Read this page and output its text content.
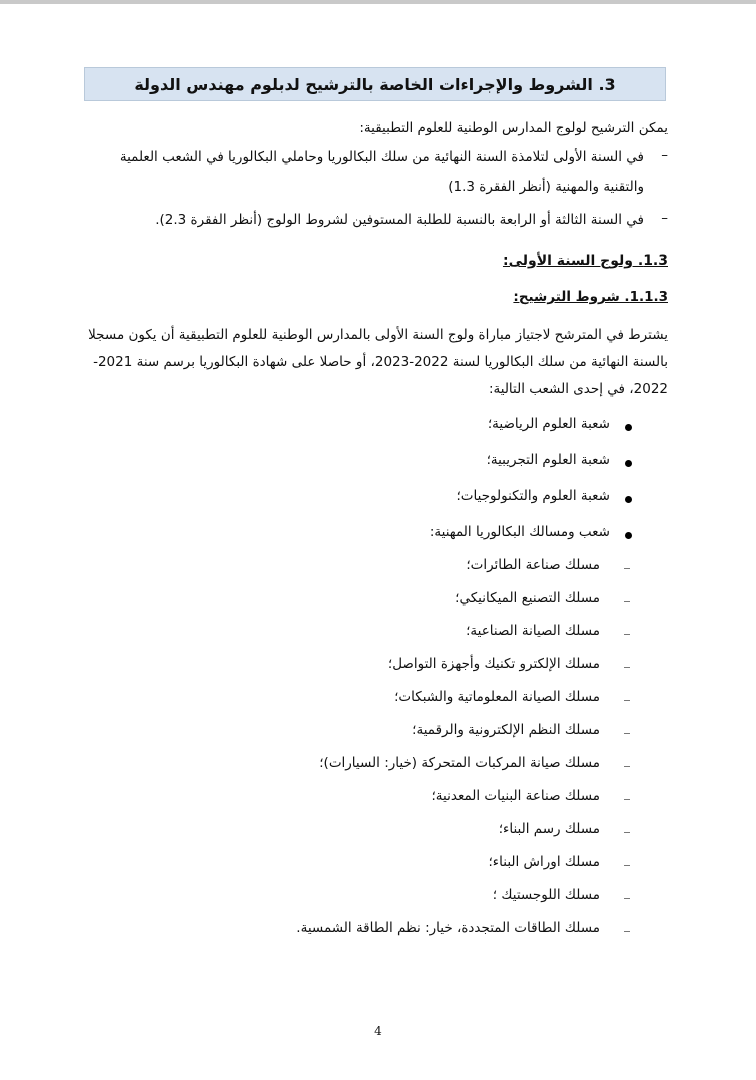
3. الشروط والإجراءات الخاصة بالترشيح لدبلوم مهندس الدولة
يمكن الترشيح لولوج المدارس الوطنية للعلوم التطبيقية:
–
في السنة الأولى لتلامذة السنة النهائية من سلك البكالوريا وحاملي البكالوريا في الشعب العلمية
والتقنية والمهنية (أنظر الفقرة 1.3)
–
في السنة الثالثة أو الرابعة بالنسبة للطلبة المستوفين لشروط الولوج (أنظر الفقرة 2.3).
1.3. ولوج السنة الأولى:
1.1.3. شروط الترشيح:
يشترط في المترشح لاجتياز مباراة ولوج السنة الأولى بالمدارس الوطنية للعلوم التطبيقية أن يكون مسجلا
بالسنة النهائية من سلك البكالوريا لسنة 2022-2023، أو حاصلا على شهادة البكالوريا برسم سنة 2021-
2022، في إحدى الشعب التالية:
شعبة العلوم الرياضية؛
شعبة العلوم التجريبية؛
شعبة العلوم والتكنولوجيات؛
شعب ومسالك البكالوريا المهنية:
مسلك صناعة الطائرات؛
مسلك التصنيع الميكانيكي؛
مسلك الصيانة الصناعية؛
مسلك الإلكترو تكنيك وأجهزة التواصل؛
مسلك الصيانة المعلوماتية والشبكات؛
مسلك النظم الإلكترونية والرقمية؛
مسلك صيانة المركبات المتحركة (خيار: السيارات)؛
مسلك صناعة البنيات المعدنية؛
مسلك رسم البناء؛
مسلك اوراش البناء؛
مسلك اللوجستيك ؛
مسلك الطاقات المتجددة، خيار: نظم الطاقة الشمسية.
4
